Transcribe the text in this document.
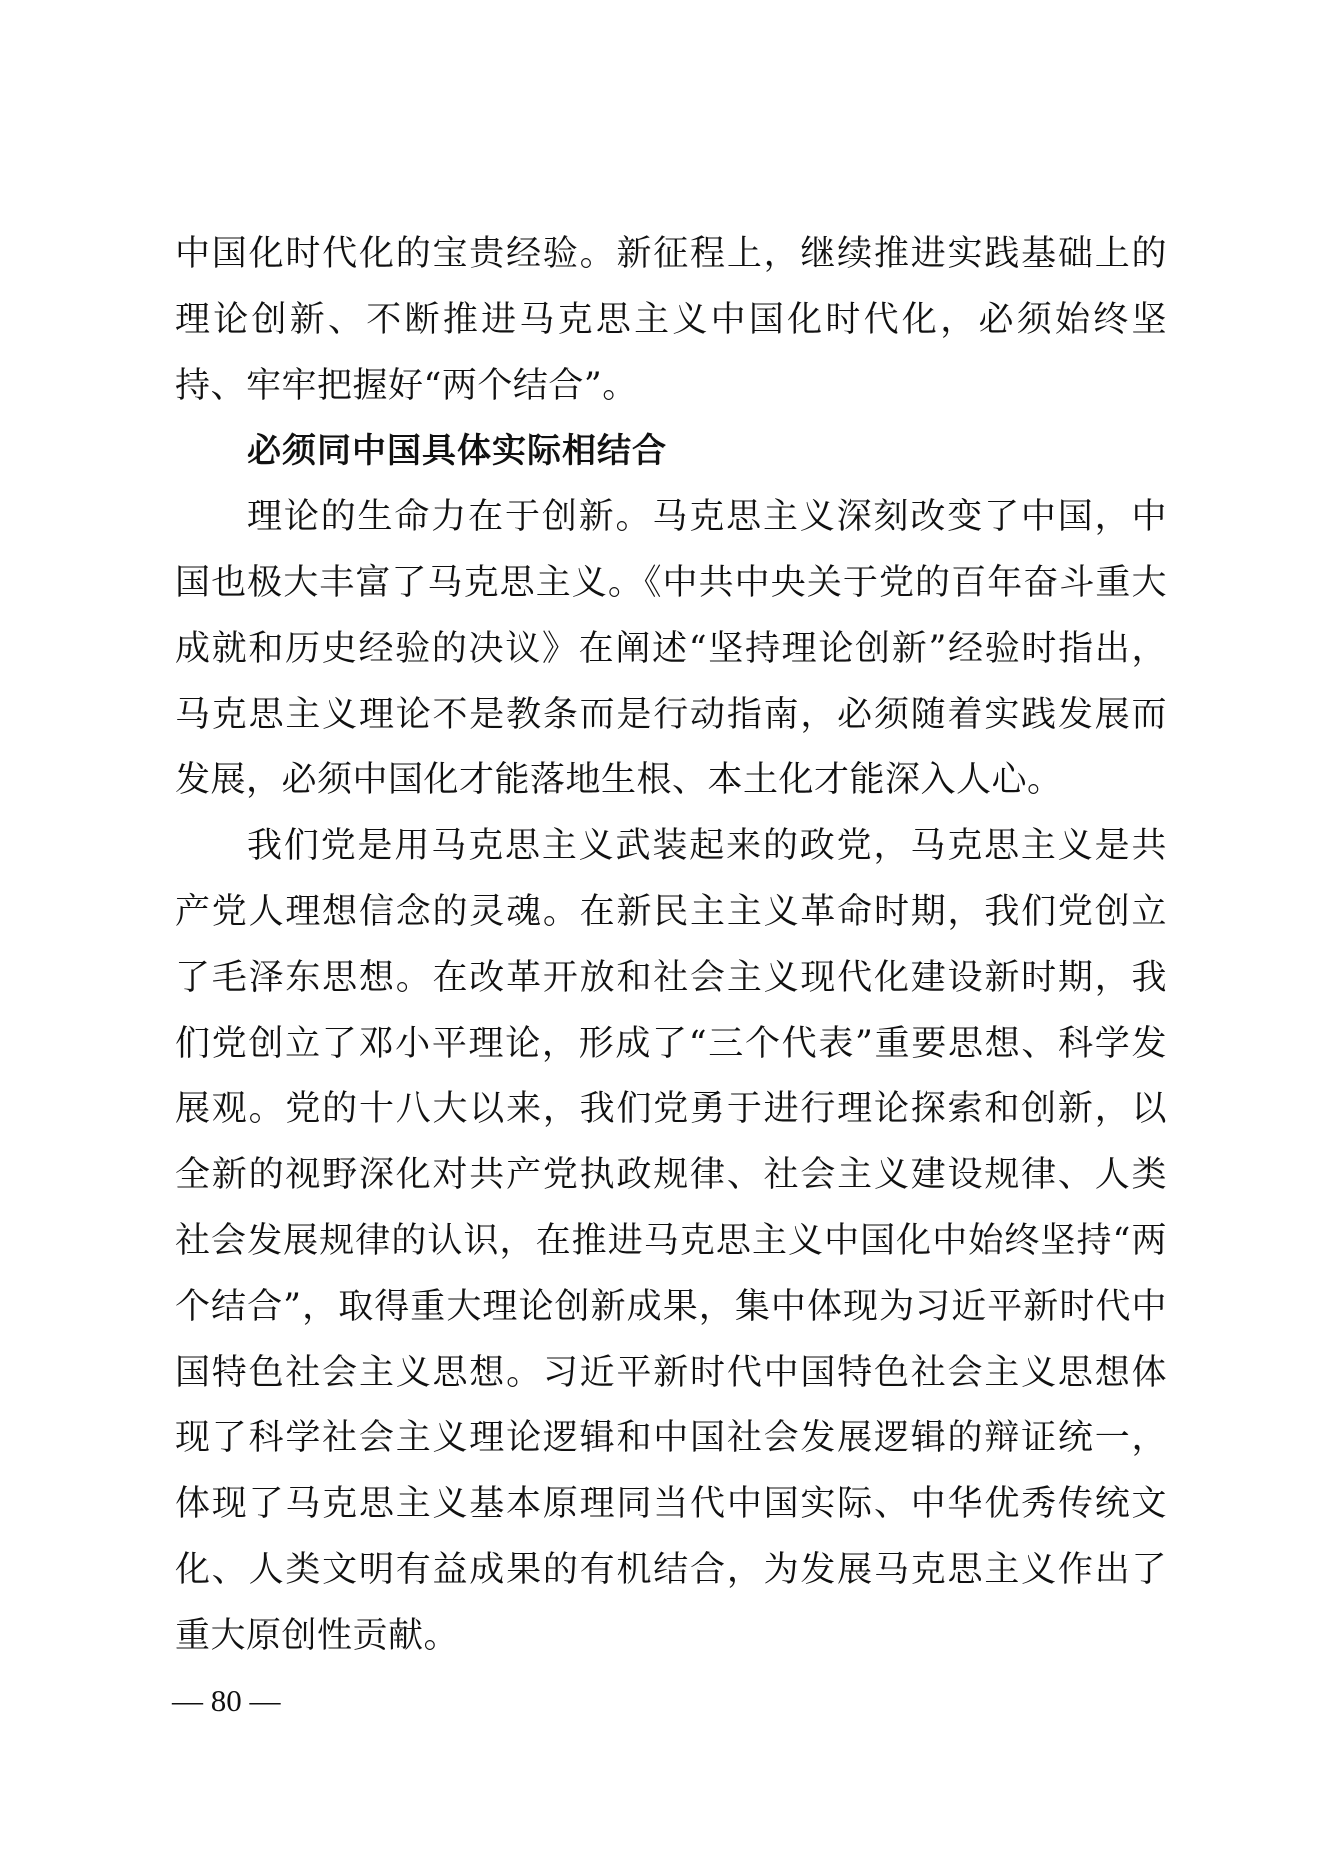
中国化时代化的宝贵经验。新征程上，继续推进实践基础上的理论创新、不断推进马克思主义中国化时代化，必须始终坚持、牢牢把握好“两个结合”。

必须同中国具体实际相结合

理论的生命力在于创新。马克思主义深刻改变了中国，中国也极大丰富了马克思主义。《中共中央关于党的百年奋斗重大成就和历史经验的决议》在阐述“坚持理论创新”经验时指出，马克思主义理论不是教条而是行动指南，必须随着实践发展而发展，必须中国化才能落地生根、本土化才能深入人心。

我们党是用马克思主义武装起来的政党，马克思主义是共产党人理想信念的灵魂。在新民主主义革命时期，我们党创立了毛泽东思想。在改革开放和社会主义现代化建设新时期，我们党创立了邓小平理论，形成了“三个代表”重要思想、科学发展观。党的十八大以来，我们党勇于进行理论探索和创新，以全新的视野深化对共产党执政规律、社会主义建设规律、人类社会发展规律的认识，在推进马克思主义中国化中始终坚持“两个结合”，取得重大理论创新成果，集中体现为习近平新时代中国特色社会主义思想。习近平新时代中国特色社会主义思想体现了科学社会主义理论逻辑和中国社会发展逻辑的辩证统一，体现了马克思主义基本原理同当代中国实际、中华优秀传统文化、人类文明有益成果的有机结合，为发展马克思主义作出了重大原创性贡献。

— 80 —
